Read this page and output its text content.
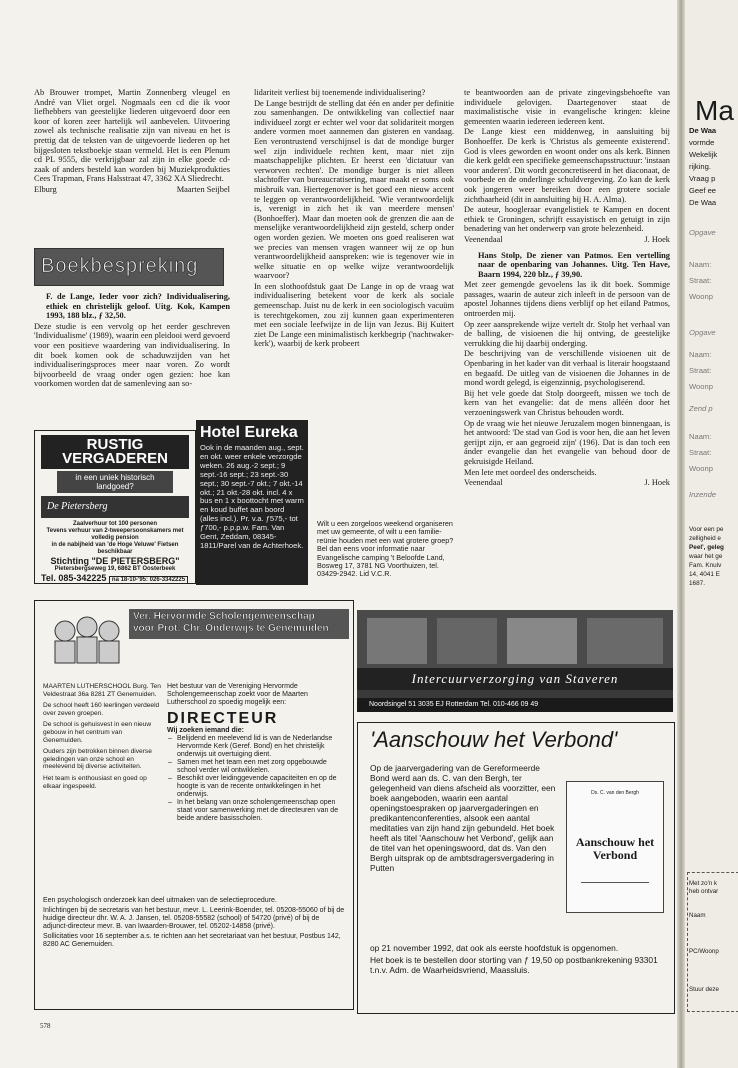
Ab Brouwer trompet, Martin Zonnenberg vleugel en André van Vliet orgel. Nogmaals een cd die ik voor liefhebbers van geestelijke liederen uitgevoerd door een koor of koren zeer hartelijk wil aanbevelen. Uitvoering zowel als technische realisatie zijn van niveau en het is prettig dat de teksten van de uitgevoerde liederen op het bijgesloten tekstboekje staan vermeld. Het is een Plenum cd PL 9555, die verkrijgbaar zal zijn in elke goede cd-zaak of anders besteld kan worden bij Muziekprodukties Cees Trapman, Frans Halsstraat 47, 3362 XA Sliedrecht.

Elburg	Maarten Seijbel
Boekbespreking

F. de Lange, Ieder voor zich? Individualisering, ethiek en christelijk geloof. Uitg. Kok, Kampen 1993, 188 blz., ƒ 32,50.

Deze studie is een vervolg op het eerder geschreven 'Individualisme' (1989), waarin een pleidooi werd gevoerd voor een positieve waardering van individualisering. In dit boek komen ook de schaduwzijden van het individualiseringsproces meer naar voren. Zo wordt bijvoorbeeld de vraag onder ogen gezien: hoe kan voorkomen worden dat de samenleving aan so-

lidariteit verliest bij toenemende individualisering?

De Lange bestrijdt de stelling dat één en ander per definitie zou samenhangen. De ontwikkeling van collectief naar individueel zorgt er echter wel voor dat solidariteit morgen andere vormen moet aannemen dan gisteren en vandaag. Een verontrustend verschijnsel is dat de mondige burger wel zijn individuele rechten kent, maar niet zijn maatschappelijke plichten. Er heerst een 'dictatuur van verworven rechten'. De mondige burger is niet alleen slachtoffer van bureaucratisering, maar maakt er soms ook misbruik van. Hiertegenover is het goed een nieuw accent te leggen op verantwoordelijkheid. 'Wie verantwoordelijk is, verenigt in zich het ik van meerdere mensen' (Bonhoeffer). Maar dan moeten ook de grenzen die aan de menselijke verantwoordelijkheid zijn gesteld, scherp onder ogen worden gezien. We moeten ons goed realiseren wat we precies van mensen vragen wanneer wij ze op hun verantwoordelijkheid aanspreken: wie is tegenover wie in welke situatie en op welke wijze verantwoordelijk waarvoor?

In een slothoofdstuk gaat De Lange in op de vraag wat individualisering betekent voor de kerk als sociale gemeenschap. Juist nu de kerk in een sociologisch vacuüm is terechtgekomen, zou zij kunnen gaan experimenteren met een sociale leefwijze in de lijn van Jezus. Bij Kuitert ziet De Lange een minimalistisch kerkbegrip ('nachtwaker-kerk'), waarbij de kerk probeert

te beantwoorden aan de private zingevingsbehoefte van individuele gelovigen. Daartegenover staat de maximalistische visie in evangelische kringen: kleine gemeenten waarin iedereen iedereen kent.

De Lange kiest een middenweg, in aansluiting bij Bonhoeffer. De kerk is 'Christus als gemeente existerend'. God is vlees geworden en woont onder ons als kerk. Binnen die kerk geldt een specifieke gemeenschapsstructuur: 'instaan voor anderen'. Dit wordt geconcretiseerd in het diaconaat, de voorbede en de onderlinge schuldvergeving. Zo kan de kerk ook jongeren weer bereiken door een grotere sociale zichtbaarheid (dit in aansluiting bij H. A. Alma).

De auteur, hoogleraar evangelistiek te Kampen en docent ethiek te Groningen, schrijft essayistisch en getuigt in zijn benadering van het onderwerp van grote belezenheid.

Veenendaal	J. Hoek

Hans Stolp, De ziener van Patmos. Een vertelling naar de openbaring van Johannes. Uitg. Ten Have, Baarn 1994, 220 blz., ƒ 39,90.

Met zeer gemengde gevoelens las ik dit boek. Sommige passages, waarin de auteur zich inleeft in de persoon van de apostel Johannes tijdens diens verblijf op het eiland Patmos, ontroerden mij.

Op zeer aansprekende wijze vertelt dr. Stolp het verhaal van de balling, de visioenen die hij ontving, de geestelijke verrukking die hij daarbij onderging.

De beschrijving van de verschillende visioenen uit de Openbaring in het kader van dit verhaal is literair hoogstaand en begaafd. De uitleg van de visioenen die Johannes in de mond wordt gelegd, is eigenzinnig, psychologiserend.

Bij het vele goede dat Stolp doorgeeft, missen we toch de kern van het evangelie: dat de mens alléén door het verzoeningswerk van Christus behouden wordt.

Op de vraag wie het nieuwe Jeruzalem mogen binnengaan, is het antwoord: 'De stad van God is voor hen, die aan het leven gerijpt zijn, er aan gegroeid zijn' (196). Dat is dan toch een ánder evangelie dan het evangelie van behoud door de gekruisigde Heiland.

Men lete met oordeel des onderscheids.

Veenendaal	J. Hoek
RUSTIG VERGADEREN
in een uniek historisch landgoed?
De Pietersberg
Zaalverhuur tot 100 personen
Tevens verhuur van 2-tweepersoonskamers met volledig pension
in de nabijheid van 'de Hoge Veluwe' Fietsen beschikbaar
Stichting "DE PIETERSBERG"
Pietersbergseweg 19, 6862 BT Oosterbeek
Tel. 085-342225 na 18-10-'95: 026-3342225
Hotel Eureka
Ook in de maanden aug., sept. en okt. weer enkele verzorgde weken. 26 aug.-2 sept.; 9 sept.-16 sept.; 23 sept.-30 sept.; 30 sept.-7 okt.; 7 okt.-14 okt.; 21 okt.-28 okt. incl. 4 x bus en 1 x boottocht met warm en koud buffet aan boord (alles incl.). Pr. v.a. ƒ575,- tot ƒ700,- p.p.p.w. Fam. Van Gent, Zeddam, 08345-1811/Parel van de Achterhoek.
Wilt u een zorgeloos weekend organiseren met uw gemeente, of wilt u een familie-reünie houden met een wat grotere groep? Bel dan eens voor informatie naar Evangelische camping 't Beloofde Land, Bosweg 17, 3781 NG Voorthuizen, tel. 03429-2942. Lid V.C.R.
Ver. Hervormde Scholengemeenschap
voor Prot. Chr. Onderwijs te Genemuiden

MAARTEN LUTHERSCHOOL Burg. Ten Veldestraat 36a 8281 ZT Genemuiden.

De school heeft 160 leerlingen verdeeld over zeven groepen.

De school is gehuisvest in een nieuw gebouw in het centrum van Genemuiden.

Ouders zijn betrokken binnen diverse geledingen van onze school en meelevend bij diverse activiteiten.

Het team is enthousiast en goed op elkaar ingespeeld.

Het bestuur van de Vereniging Hervormde Scholengemeenschap zoekt voor de Maarten Lutherschool zo spoedig mogelijk een:

DIRECTEUR

Wij zoeken iemand die:

– Belijdend en meelevend lid is van de Nederlandse Hervormde Kerk (Geref. Bond) en het christelijk onderwijs uit overtuiging dient.
– Samen met het team een met zorg opgebouwde school verder wil ontwikkelen.
– Beschikt over leidinggevende capaciteiten en op de hoogte is van de recente ontwikkelingen in het onderwijs.
– In het belang van onze scholengemeenschap open staat voor samenwerking met de directeuren van de beide andere basisscholen.

Een psychologisch onderzoek kan deel uitmaken van de selectieprocedure.

Inlichtingen bij de secretaris van het bestuur, mevr. L. Leerink-Boender, tel. 05208-55060 of bij de huidige directeur dhr. W. A. J. Jansen, tel. 05208-55582 (school) of 54720 (privé) of bij de adjunct-directeur mevr. B. van Iwaarden-Brouwer, tel. 05202-14858 (privé).

Sollicitaties voor 16 september a.s. te richten aan het secretariaat van het bestuur, Postbus 142, 8280 AC Genemuiden.

Intercuurverzorging van Staveren
Noordsingel 51 3035 EJ Rotterdam Tel. 010-466 09 49
'Aanschouw het Verbond'
Op de jaarvergadering van de Gereformeerde Bond werd aan ds. C. van den Bergh, ter gelegenheid van diens afscheid als voorzitter, een boek aangeboden, waarin een aantal openingstoespraken op jaarvergaderingen en predikantenconferenties, alsook een aantal meditaties van zijn hand zijn gebundeld. Het boek heeft als titel 'Aanschouw het Verbond', gelijk aan de titel van het openingswoord, dat ds. Van den Bergh uitsprak op de ambtsdragersvergadering in Putten
Ds. C. van den Bergh
Aanschouw het Verbond

op 21 november 1992, dat ook als eerste hoofdstuk is opgenomen.

Het boek is te bestellen door storting van ƒ 19,50 op postbankrekening 93301 t.n.v. Adm. de Waarheidsvriend, Maassluis.

578
Ma
De Waa
vormde
Wekelijk
rijking.
Vraag p
Geef ee
De Waa
Opgave
Naam:
Straat:
Woonp
Opgave
Naam:
Straat:
Woonp
Zend p
Naam:
Straat:
Woonp
Inzende
Voor een pe
zelligheid e
Peel', geleg
waar het ge
Fam. Knulv
14, 4041 E
1687.
Met zo'n k
heb ontvar
Naam
PC/Woonp
Stuur deze
